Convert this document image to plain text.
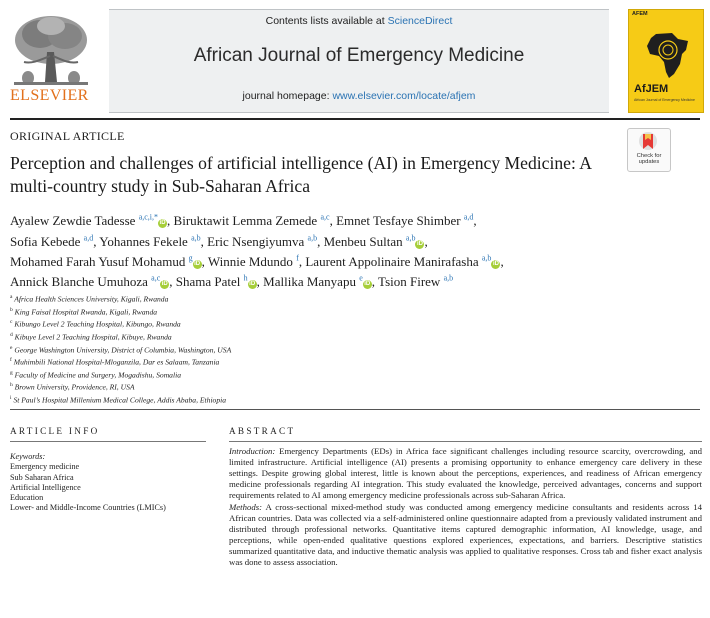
ELSEVIER
Contents lists available at ScienceDirect
African Journal of Emergency Medicine
journal homepage: www.elsevier.com/locate/afjem
AFEM
AfJEM
African Journal of Emergency Medicine
ORIGINAL ARTICLE
Perception and challenges of artificial intelligence (AI) in Emergency Medicine: A multi-country study in Sub-Saharan Africa
Check for
updates
Ayalew Zewdie Tadesse $^{a,c,i,*}$iD , Biruktawit Lemma Zemede $^{a,c}$, Emnet Tesfaye Shimber $^{a,d}$,
Sofia Kebede $^{a,d}$, Yohannes Fekele $^{a,b}$, Eric Nsengiyumva $^{a,b}$, Menbeu Sultan $^{a,b}$iD ,
Mohamed Farah Yusuf Mohamud $^g$iD , Winnie Mdundo $^f$, Laurent Appolinaire Manirafasha $^{a,b}$iD ,
Annick Blanche Umuhoza $^{a,c}$iD , Shama Patel $^h$iD , Mallika Manyapu $^e$iD , Tsion Firew $^{a,b}$
$^a$ Africa Health Sciences University, Kigali, Rwanda
$^b$ King Faisal Hospital Rwanda, Kigali, Rwanda
$^c$ Kibungo Level 2 Teaching Hospital, Kibungo, Rwanda
$^d$ Kibuye Level 2 Teaching Hospital, Kibuye, Rwanda
$^e$ George Washington University, District of Columbia, Washington, USA
$^f$ Muhimbili National Hospital-Mloganzila, Dar es Salaam, Tanzania
$^g$ Faculty of Medicine and Surgery, Mogadishu, Somalia
$^h$ Brown University, Providence, RI, USA
$^i$ St Paul’s Hospital Millenium Medical College, Addis Ababa, Ethiopia
ARTICLE INFO
Keywords:
Emergency medicine
Sub Saharan Africa
Artificial Intelligence
Education
Lower- and Middle-Income Countries (LMICs)
ABSTRACT

Introduction: Emergency Departments (EDs) in Africa face significant challenges including resource scarcity, overcrowding, and limited infrastructure. Artificial intelligence (AI) presents a promising opportunity to enhance emergency care delivery in these settings. Despite growing global interest, little is known about the perceptions, experiences, and readiness of African emergency medicine professionals regarding AI integration. This study evaluated the knowledge, perceived advantages, concerns and support requirements related to AI among emergency medicine professionals across sub-Saharan Africa.

Methods: A cross-sectional mixed-method study was conducted among emergency medicine consultants and residents across 14 African countries. Data was collected via a self-administered online questionnaire adapted from a previously validated instrument and distributed through professional networks. Quantitative items captured demographic information, AI knowledge, usage, and perceptions, while open-ended qualitative questions explored experiences, expectations, and barriers. Descriptive statistics summarized quantitative data, and inductive thematic analysis was applied to qualitative responses. Cross tab and fisher exact analysis was done to assess association.
